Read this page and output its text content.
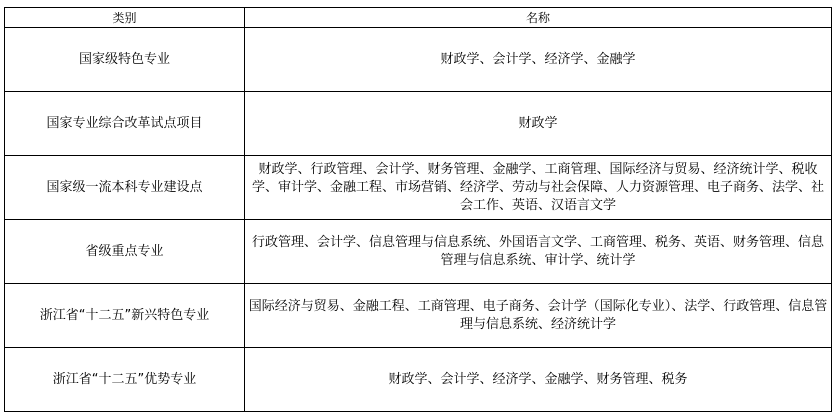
类别	名称
国家级特色专业	财政学、会计学、经济学、金融学
国家专业综合改革试点项目	财政学
国家级一流本科专业建设点	财政学、行政管理、会计学、财务管理、金融学、工商管理、国际经济与贸易、经济统计学、税收学、审计学、金融工程、市场营销、经济学、劳动与社会保障、人力资源管理、电子商务、法学、社会工作、英语、汉语言文学
省级重点专业	行政管理、会计学、信息管理与信息系统、外国语言文学、工商管理、税务、英语、财务管理、信息管理与信息系统、审计学、统计学
浙江省“十二五”新兴特色专业	国际经济与贸易、金融工程、工商管理、电子商务、会计学（国际化专业）、法学、行政管理、信息管理与信息系统、经济统计学
浙江省“十二五”优势专业	财政学、会计学、经济学、金融学、财务管理、税务
